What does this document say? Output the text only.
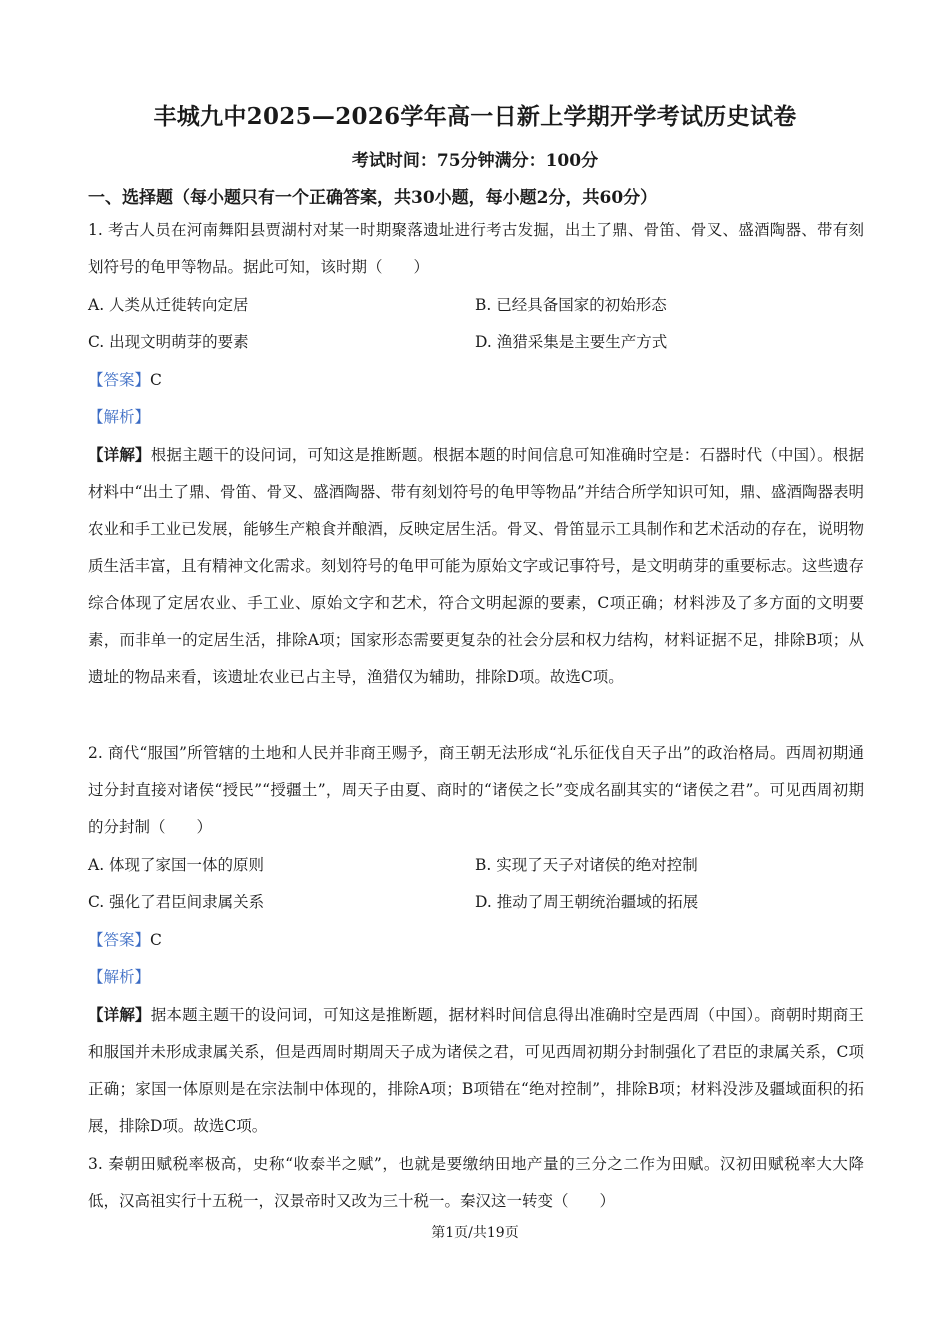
丰城九中2025—2026学年高一日新上学期开学考试历史试卷
考试时间：75分钟满分：100分
一、选择题（每小题只有一个正确答案，共30小题，每小题2分，共60分）
1. 考古人员在河南舞阳县贾湖村对某一时期聚落遗址进行考古发掘，出土了鼎、骨笛、骨叉、盛酒陶器、带有刻划符号的龟甲等物品。据此可知，该时期（　　）
A. 人类从迁徙转向定居	B. 已经具备国家的初始形态
C. 出现文明萌芽的要素	D. 渔猎采集是主要生产方式
【答案】C
【解析】
【详解】根据主题干的设问词，可知这是推断题。根据本题的时间信息可知准确时空是：石器时代（中国）。根据材料中“出土了鼎、骨笛、骨叉、盛酒陶器、带有刻划符号的龟甲等物品”并结合所学知识可知，鼎、盛酒陶器表明农业和手工业已发展，能够生产粮食并酿酒，反映定居生活。骨叉、骨笛显示工具制作和艺术活动的存在，说明物质生活丰富，且有精神文化需求。刻划符号的龟甲可能为原始文字或记事符号，是文明萌芽的重要标志。这些遗存综合体现了定居农业、手工业、原始文字和艺术，符合文明起源的要素，C项正确；材料涉及了多方面的文明要素，而非单一的定居生活，排除A项；国家形态需要更复杂的社会分层和权力结构，材料证据不足，排除B项；从遗址的物品来看，该遗址农业已占主导，渔猎仅为辅助，排除D项。故选C项。
2. 商代“服国”所管辖的土地和人民并非商王赐予，商王朝无法形成“礼乐征伐自天子出”的政治格局。西周初期通过分封直接对诸侯“授民”“授疆土”，周天子由夏、商时的“诸侯之长”变成名副其实的“诸侯之君”。可见西周初期的分封制（　　）
A. 体现了家国一体的原则	B. 实现了天子对诸侯的绝对控制
C. 强化了君臣间隶属关系	D. 推动了周王朝统治疆域的拓展
【答案】C
【解析】
【详解】据本题主题干的设问词，可知这是推断题，据材料时间信息得出准确时空是西周（中国）。商朝时期商王和服国并未形成隶属关系，但是西周时期周天子成为诸侯之君，可见西周初期分封制强化了君臣的隶属关系，C项正确；家国一体原则是在宗法制中体现的，排除A项；B项错在“绝对控制”，排除B项；材料没涉及疆域面积的拓展，排除D项。故选C项。
3. 秦朝田赋税率极高，史称“收泰半之赋”，也就是要缴纳田地产量的三分之二作为田赋。汉初田赋税率大大降低，汉高祖实行十五税一，汉景帝时又改为三十税一。秦汉这一转变（　　）
第1页/共19页
